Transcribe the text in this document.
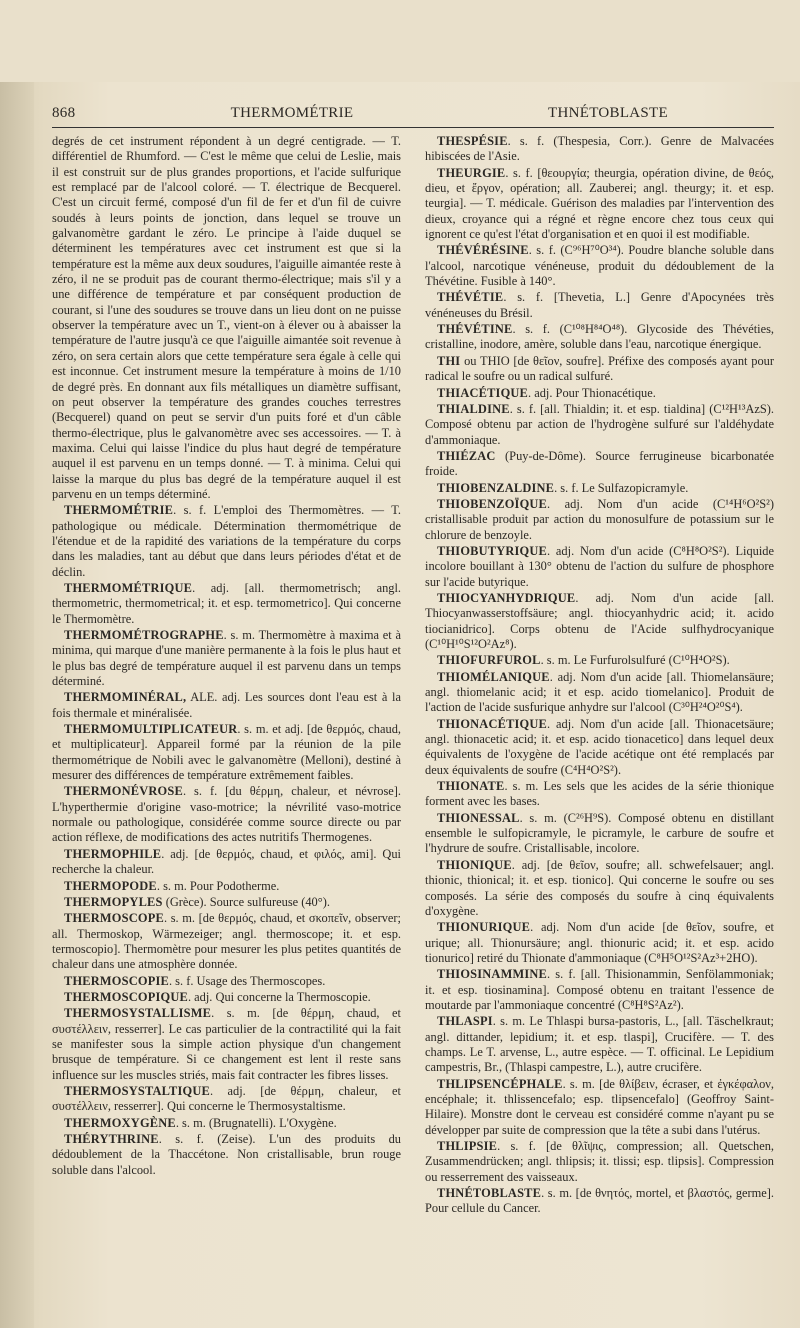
868	THERMOMÉTRIE	THNÉTOBLASTE

degrés de cet instrument répondent à un degré centigrade. — T. différentiel de Rhumford. — C'est le même que celui de Leslie, mais il est construit sur de plus grandes proportions, et l'acide sulfurique est remplacé par de l'alcool coloré. — T. électrique de Becquerel. C'est un circuit fermé, composé d'un fil de fer et d'un fil de cuivre soudés à leurs points de jonction, dans lequel se trouve un galvanomètre gardant le zéro. Le principe à l'aide duquel se déterminent les températures avec cet instrument est que si la température est la même aux deux soudures, l'aiguille aimantée reste à zéro, il ne se produit pas de courant thermo-électrique; mais s'il y a une différence de température et par conséquent production de courant, si l'une des soudures se trouve dans un lieu dont on ne puisse observer la température avec un T., vient-on à élever ou à abaisser la température de l'autre jusqu'à ce que l'aiguille aimantée soit revenue à zéro, on sera certain alors que cette température sera égale à celle qui est inconnue. Cet instrument mesure la température à moins de 1/10 de degré près. En donnant aux fils métalliques un diamètre suffisant, on peut observer la température des grandes couches terrestres (Becquerel) quand on peut se servir d'un puits foré et d'un câble thermo-électrique, plus le galvanomètre avec ses accessoires. — T. à maxima. Celui qui laisse l'indice du plus haut degré de température auquel il est parvenu en un temps donné. — T. à minima. Celui qui laisse la marque du plus bas degré de la température auquel il est parvenu en un temps déterminé.

THERMOMÉTRIE. s. f. L'emploi des Thermomètres. — T. pathologique ou médicale. Détermination thermométrique de l'étendue et de la rapidité des variations de la température du corps dans les maladies, tant au début que dans leurs périodes d'état et de déclin.

THERMOMÉTRIQUE. adj. [all. thermometrisch; angl. thermometric, thermometrical; it. et esp. termometrico]. Qui concerne le Thermomètre.

THERMOMÉTROGRAPHE. s. m. Thermomètre à maxima et à minima, qui marque d'une manière permanente à la fois le plus haut et le plus bas degré de température auquel il est parvenu dans un temps déterminé.

THERMOMINÉRAL, ALE. adj. Les sources dont l'eau est à la fois thermale et minéralisée.

THERMOMULTIPLICATEUR. s. m. et adj. [de θερμός, chaud, et multiplicateur]. Appareil formé par la réunion de la pile thermométrique de Nobili avec le galvanomètre (Melloni), destiné à mesurer des différences de température extrêmement faibles.

THERMONÉVROSE. s. f. [du θέρμη, chaleur, et névrose]. L'hyperthermie d'origine vaso-motrice; la névrilité vaso-motrice normale ou pathologique, considérée comme source directe ou par action réflexe, de modifications des actes nutritifs Thermogenes.

THERMOPHILE. adj. [de θερμός, chaud, et φιλός, ami]. Qui recherche la chaleur.

THERMOPODE. s. m. Pour Podotherme.

THERMOPYLES (Grèce). Source sulfureuse (40°).

THERMOSCOPE. s. m. [de θερμός, chaud, et σκοπεῖν, observer; all. Thermoskop, Wärmezeiger; angl. thermoscope; it. et esp. termoscopio]. Thermomètre pour mesurer les plus petites quantités de chaleur dans une atmosphère donnée.

THERMOSCOPIE. s. f. Usage des Thermoscopes.

THERMOSCOPIQUE. adj. Qui concerne la Thermoscopie.

THERMOSYSTALLISME. s. m. [de θέρμη, chaud, et συστέλλειν, resserrer]. Le cas particulier de la contractilité qui la fait se manifester sous la simple action physique d'un changement brusque de température. Si ce changement est lent il reste sans influence sur les muscles striés, mais fait contracter les fibres lisses.

THERMOSYSTALTIQUE. adj. [de θέρμη, chaleur, et συστέλλειν, resserrer]. Qui concerne le Thermosystaltisme.

THERMOXYGÈNE. s. m. (Brugnatelli). L'Oxygène.

THÉRYTHRINE. s. f. (Zeise). L'un des produits du dédoublement de la Thaccétone. Non cristallisable, brun rouge soluble dans l'alcool.

THESPÉSIE. s. f. (Thespesia, Corr.). Genre de Malvacées hibiscées de l'Asie.

THEURGIE. s. f. [θεουργία; theurgia, opération divine, de θεός, dieu, et ἔργον, opération; all. Zauberei; angl. theurgy; it. et esp. teurgia]. — T. médicale. Guérison des maladies par l'intervention des dieux, croyance qui a régné et règne encore chez tous ceux qui ignorent ce qu'est l'état d'organisation et en quoi il est modifiable.

THÉVÉRÉSINE. s. f. (C⁹⁶H⁷⁰O³⁴). Poudre blanche soluble dans l'alcool, narcotique vénéneuse, produit du dédoublement de la Thévétine. Fusible à 140°.

THÉVÉTIE. s. f. [Thevetia, L.] Genre d'Apocynées très vénéneuses du Brésil.

THÉVÉTINE. s. f. (C¹⁰⁸H⁸⁴O⁴⁸). Glycoside des Thévéties, cristalline, inodore, amère, soluble dans l'eau, narcotique énergique.

THI ou THIO [de θεῖον, soufre]. Préfixe des composés ayant pour radical le soufre ou un radical sulfuré.

THIACÉTIQUE. adj. Pour Thionacétique.

THIALDINE. s. f. [all. Thialdin; it. et esp. tialdina] (C¹²H¹³AzS). Composé obtenu par action de l'hydrogène sulfuré sur l'aldéhydate d'ammoniaque.

THIÉZAC (Puy-de-Dôme). Source ferrugineuse bicarbonatée froide.

THIOBENZALDINE. s. f. Le Sulfazopicramyle.

THIOBENZOÏQUE. adj. Nom d'un acide (C¹⁴H⁶O²S²) cristallisable produit par action du monosulfure de potassium sur le chlorure de benzoyle.

THIOBUTYRIQUE. adj. Nom d'un acide (C⁸H⁸O²S²). Liquide incolore bouillant à 130° obtenu de l'action du sulfure de phosphore sur l'acide butyrique.

THIOCYANHYDRIQUE. adj. Nom d'un acide [all. Thiocyanwasserstoffsäure; angl. thiocyanhydric acid; it. acido tiocianidrico]. Corps obtenu de l'Acide sulfhydrocyanique (C¹⁰H¹⁰S¹²O²Az⁸).

THIOFURFUROL. s. m. Le Furfurolsulfuré (C¹⁰H⁴O²S).

THIOMÉLANIQUE. adj. Nom d'un acide [all. Thiomelansäure; angl. thiomelanic acid; it et esp. acido tiomelanico]. Produit de l'action de l'acide susfurique anhydre sur l'alcool (C³⁰H²⁴O²⁰S⁴).

THIONACÉTIQUE. adj. Nom d'un acide [all. Thionacetsäure; angl. thionacetic acid; it. et esp. acido tionacetico] dans lequel deux équivalents de l'oxygène de l'acide acétique ont été remplacés par deux équivalents de soufre (C⁴H⁴O²S²).

THIONATE. s. m. Les sels que les acides de la série thionique forment avec les bases.

THIONESSAL. s. m. (C²⁶H⁹S). Composé obtenu en distillant ensemble le sulfopicramyle, le picramyle, le carbure de soufre et l'hydrure de soufre. Cristallisable, incolore.

THIONIQUE. adj. [de θεῖον, soufre; all. schwefelsauer; angl. thionic, thionical; it. et esp. tionico]. Qui concerne le soufre ou ses composés. La série des composés du soufre à cinq équivalents d'oxygène.

THIONURIQUE. adj. Nom d'un acide [de θεῖον, soufre, et urique; all. Thionursäure; angl. thionuric acid; it. et esp. acido tionurico] retiré du Thionate d'ammoniaque (C⁸H⁵O¹²S²Az³+2HO).

THIOSINAMMINE. s. f. [all. Thisionammin, Senfölammoniak; it. et esp. tiosinamina]. Composé obtenu en traitant l'essence de moutarde par l'ammoniaque concentré (C⁸H⁸S²Az²).

THLASPI. s. m. Le Thlaspi bursa-pastoris, L., [all. Täschelkraut; angl. dittander, lepidium; it. et esp. tlaspi], Crucifère. — T. des champs. Le T. arvense, L., autre espèce. — T. officinal. Le Lepidium campestris, Br., (Thlaspi campestre, L.), autre crucifère.

THLIPSENCÉPHALE. s. m. [de θλίβειν, écraser, et ἐγκέφαλον, encéphale; it. thlissencefalo; esp. tlipsencefalo] (Geoffroy Saint-Hilaire). Monstre dont le cerveau est considéré comme n'ayant pu se développer par suite de compression que la tête a subi dans l'utérus.

THLIPSIE. s. f. [de θλῖψις, compression; all. Quetschen, Zusammendrücken; angl. thlipsis; it. tlissi; esp. tlipsis]. Compression ou resserrement des vaisseaux.

THNÉTOBLASTE. s. m. [de θνητός, mortel, et βλαστός, germe]. Pour cellule du Cancer.
